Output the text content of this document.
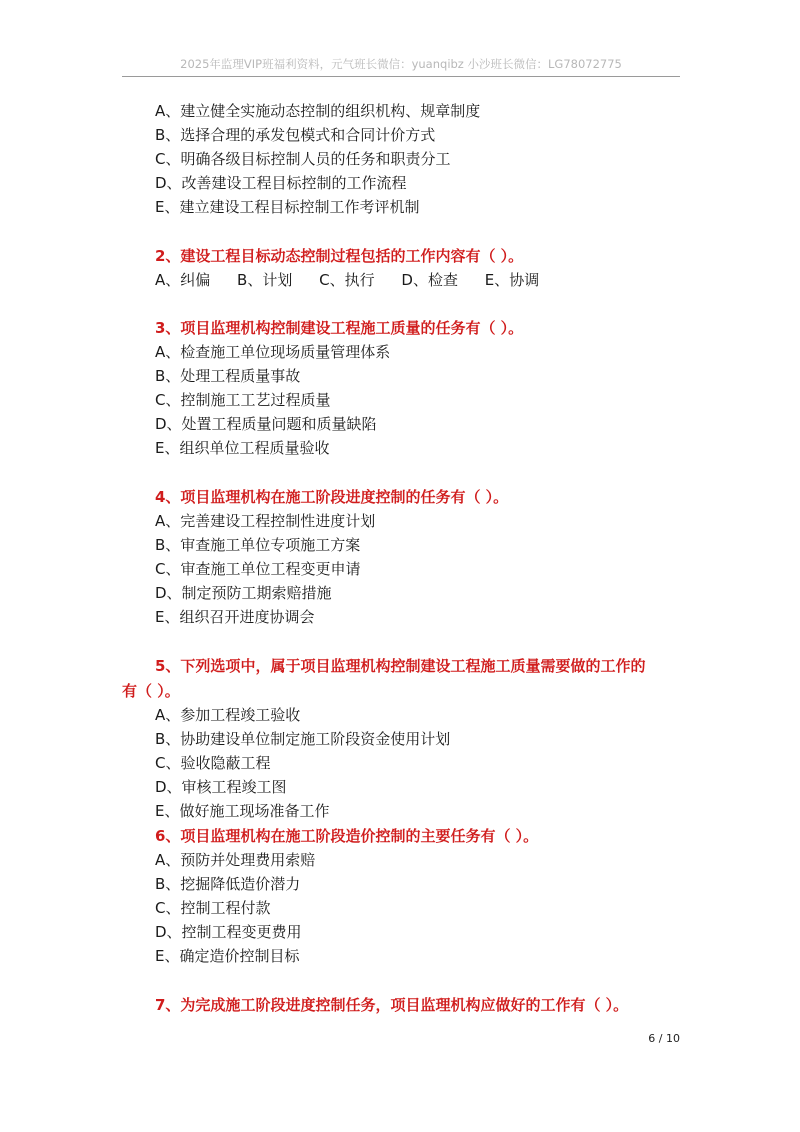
2025年监理VIP班福利资料，元气班长微信：yuanqibz 小沙班长微信：LG78072775
A、建立健全实施动态控制的组织机构、规章制度
B、选择合理的承发包模式和合同计价方式
C、明确各级目标控制人员的任务和职责分工
D、改善建设工程目标控制的工作流程
E、建立建设工程目标控制工作考评机制
2、建设工程目标动态控制过程包括的工作内容有（ ）。
A、纠偏 B、计划 C、执行 D、检查 E、协调
3、项目监理机构控制建设工程施工质量的任务有（ ）。
A、检查施工单位现场质量管理体系
B、处理工程质量事故
C、控制施工工艺过程质量
D、处置工程质量问题和质量缺陷
E、组织单位工程质量验收
4、项目监理机构在施工阶段进度控制的任务有（ ）。
A、完善建设工程控制性进度计划
B、审查施工单位专项施工方案
C、审查施工单位工程变更申请
D、制定预防工期索赔措施
E、组织召开进度协调会
5、下列选项中，属于项目监理机构控制建设工程施工质量需要做的工作的
有（ ）。
A、参加工程竣工验收
B、协助建设单位制定施工阶段资金使用计划
C、验收隐蔽工程
D、审核工程竣工图
E、做好施工现场准备工作
6、项目监理机构在施工阶段造价控制的主要任务有（ ）。
A、预防并处理费用索赔
B、挖掘降低造价潜力
C、控制工程付款
D、控制工程变更费用
E、确定造价控制目标
7、为完成施工阶段进度控制任务，项目监理机构应做好的工作有（ ）。
6 / 10
